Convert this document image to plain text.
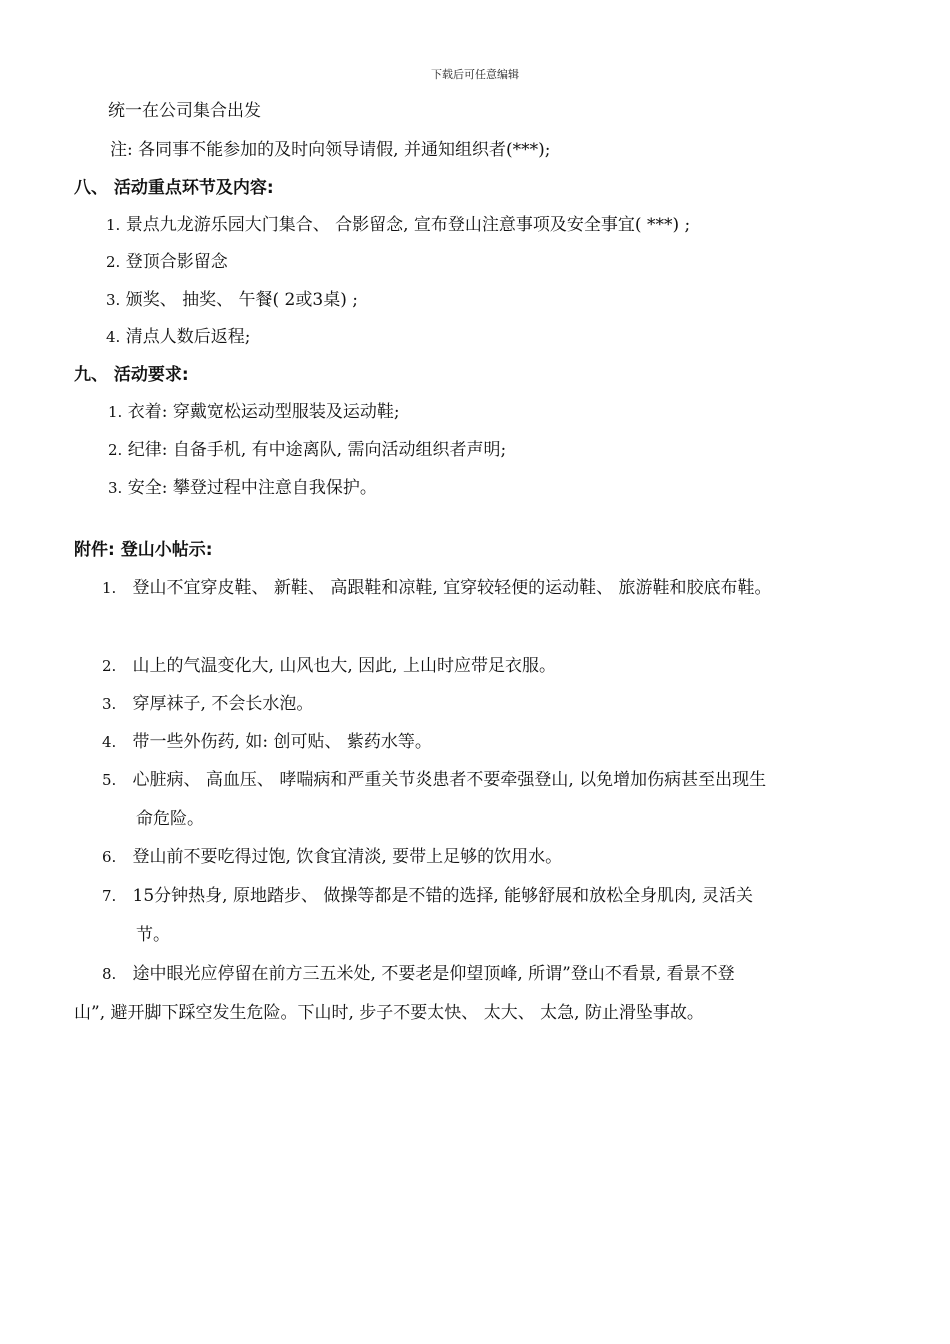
下载后可任意编辑
统一在公司集合出发
注: 各同事不能参加的及时向领导请假, 并通知组织者(***);
八、 活动重点环节及内容:
1. 景点九龙游乐园大门集合、 合影留念, 宣布登山注意事项及安全事宜( ***) ;
2. 登顶合影留念
3. 颁奖、 抽奖、 午餐( 2或3桌) ;
4. 清点人数后返程;
九、 活动要求:
1. 衣着: 穿戴宽松运动型服装及运动鞋;
2. 纪律: 自备手机, 有中途离队, 需向活动组织者声明;
3. 安全: 攀登过程中注意自我保护。
附件: 登山小帖示:
1. 登山不宜穿皮鞋、 新鞋、 高跟鞋和凉鞋, 宜穿较轻便的运动鞋、 旅游鞋和胶底布鞋。
2. 山上的气温变化大, 山风也大, 因此, 上山时应带足衣服。
3. 穿厚袜子, 不会长水泡。
4. 带一些外伤药, 如: 创可贴、 紫药水等。
5. 心脏病、 高血压、 哮喘病和严重关节炎患者不要牵强登山, 以免增加伤病甚至出现生
命危险。
6. 登山前不要吃得过饱, 饮食宜清淡, 要带上足够的饮用水。
7. 15分钟热身, 原地踏步、 做操等都是不错的选择, 能够舒展和放松全身肌肉, 灵活关
节。
8. 途中眼光应停留在前方三五米处, 不要老是仰望顶峰, 所谓”登山不看景, 看景不登
山”, 避开脚下踩空发生危险。下山时, 步子不要太快、 太大、 太急, 防止滑坠事故。
